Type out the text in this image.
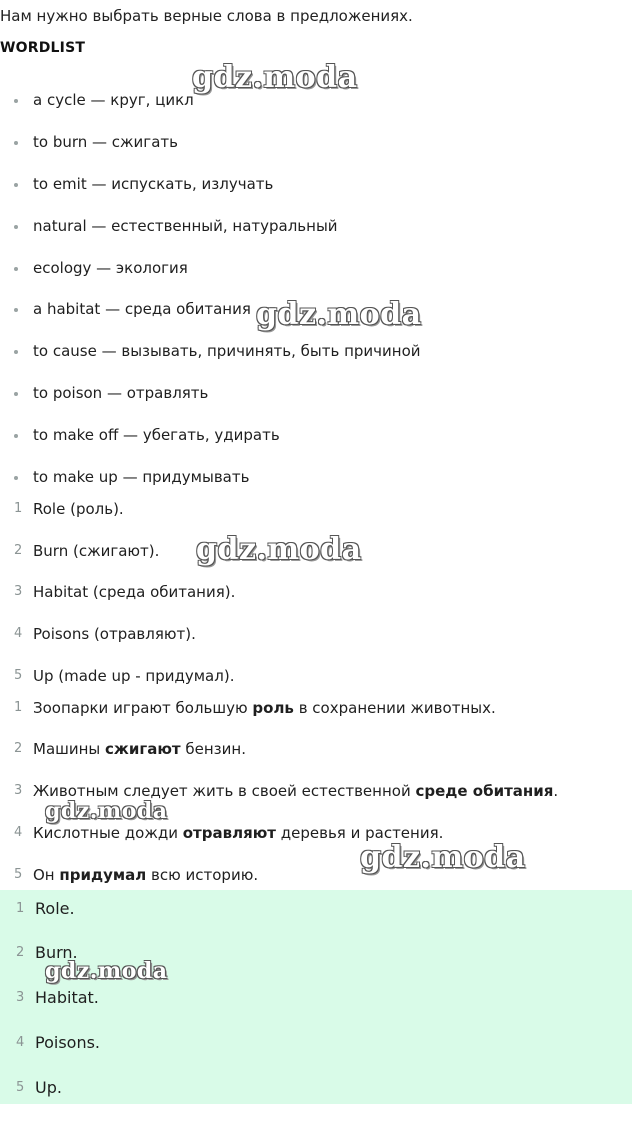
Нам нужно выбрать верные слова в предложениях.
WORDLIST
a cycle — круг, цикл
to burn — сжигать
to emit — испускать, излучать
natural — естественный, натуральный
ecology — экология
a habitat — среда обитания
to cause — вызывать, причинять, быть причиной
to poison — отравлять
to make off — убегать, удирать
to make up — придумывать
1 Role (роль).
2 Burn (сжигают).
3 Habitat (среда обитания).
4 Poisons (отравляют).
5 Up (made up - придумал).
1 Зоопарки играют большую роль в сохранении животных.
2 Машины сжигают бензин.
3 Животным следует жить в своей естественной среде обитания.
4 Кислотные дожди отравляют деревья и растения.
5 Он придумал всю историю.
1 Role.
2 Burn.
3 Habitat.
4 Poisons.
5 Up.
gdz.moda
gdz.moda
gdz.moda
gdz.moda
gdz.moda
gdz.moda
